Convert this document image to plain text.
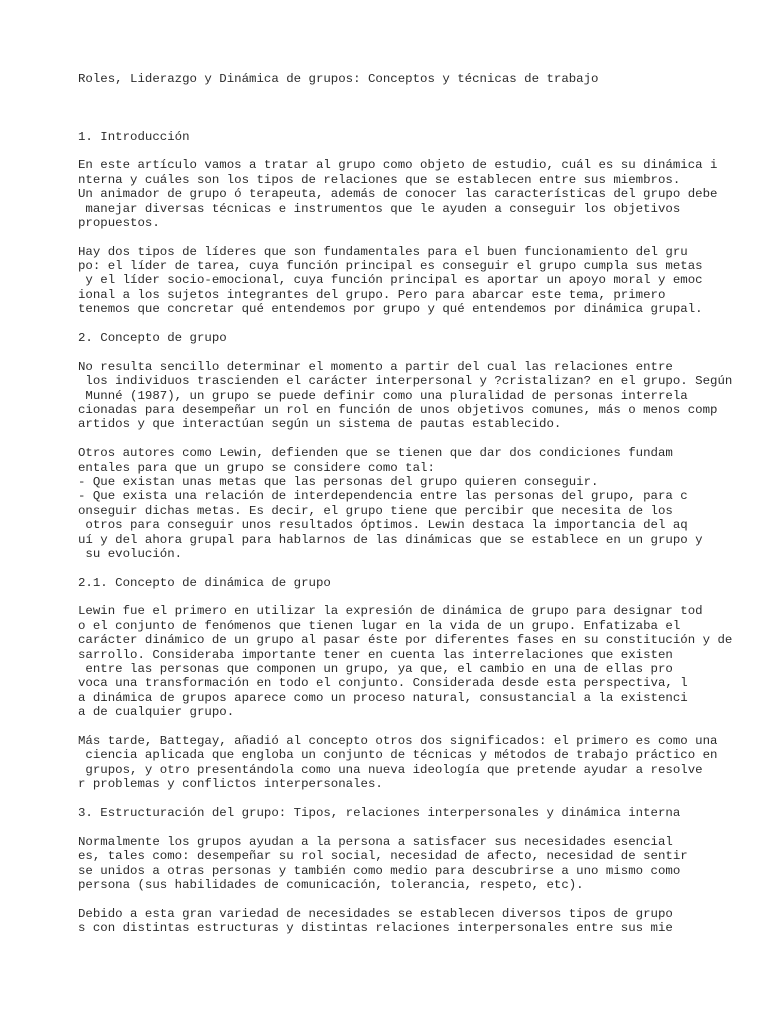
Roles, Liderazgo y Dinámica de grupos: Conceptos y técnicas de trabajo
1. Introducción
En este artículo vamos a tratar al grupo como objeto de estudio, cuál es su dinámica i
nterna y cuáles son los tipos de relaciones que se establecen entre sus miembros.
Un animador de grupo ó terapeuta, además de conocer las características del grupo debe
manejar diversas técnicas e instrumentos que le ayuden a conseguir los objetivos
propuestos.
Hay dos tipos de líderes que son fundamentales para el buen funcionamiento del gru
po: el líder de tarea, cuya función principal es conseguir el grupo cumpla sus metas
y el líder socio-emocional, cuya función principal es aportar un apoyo moral y emoc
ional a los sujetos integrantes del grupo. Pero para abarcar este tema, primero
tenemos que concretar qué entendemos por grupo y qué entendemos por dinámica grupal.
2. Concepto de grupo
No resulta sencillo determinar el momento a partir del cual las relaciones entre
los individuos trascienden el carácter interpersonal y ?cristalizan? en el grupo. Según
Munné (1987), un grupo se puede definir como una pluralidad de personas interrela
cionadas para desempeñar un rol en función de unos objetivos comunes, más o menos comp
artidos y que interactúan según un sistema de pautas establecido.
Otros autores como Lewin, defienden que se tienen que dar dos condiciones fundam
entales para que un grupo se considere como tal:
- Que existan unas metas que las personas del grupo quieren conseguir.
- Que exista una relación de interdependencia entre las personas del grupo, para c
onseguir dichas metas. Es decir, el grupo tiene que percibir que necesita de los
otros para conseguir unos resultados óptimos. Lewin destaca la importancia del aq
uí y del ahora grupal para hablarnos de las dinámicas que se establece en un grupo y
su evolución.
2.1. Concepto de dinámica de grupo
Lewin fue el primero en utilizar la expresión de dinámica de grupo para designar tod
o el conjunto de fenómenos que tienen lugar en la vida de un grupo. Enfatizaba el
carácter dinámico de un grupo al pasar éste por diferentes fases en su constitución y de
sarrollo. Consideraba importante tener en cuenta las interrelaciones que existen
entre las personas que componen un grupo, ya que, el cambio en una de ellas pro
voca una transformación en todo el conjunto. Considerada desde esta perspectiva, l
a dinámica de grupos aparece como un proceso natural, consustancial a la existenci
a de cualquier grupo.
Más tarde, Battegay, añadió al concepto otros dos significados: el primero es como una
ciencia aplicada que engloba un conjunto de técnicas y métodos de trabajo práctico en
grupos, y otro presentándola como una nueva ideología que pretende ayudar a resolve
r problemas y conflictos interpersonales.
3. Estructuración del grupo: Tipos, relaciones interpersonales y dinámica interna
Normalmente los grupos ayudan a la persona a satisfacer sus necesidades esencial
es, tales como: desempeñar su rol social, necesidad de afecto, necesidad de sentir
se unidos a otras personas y también como medio para descubrirse a uno mismo como
persona (sus habilidades de comunicación, tolerancia, respeto, etc).
Debido a esta gran variedad de necesidades se establecen diversos tipos de grupo
s con distintas estructuras y distintas relaciones interpersonales entre sus mie
